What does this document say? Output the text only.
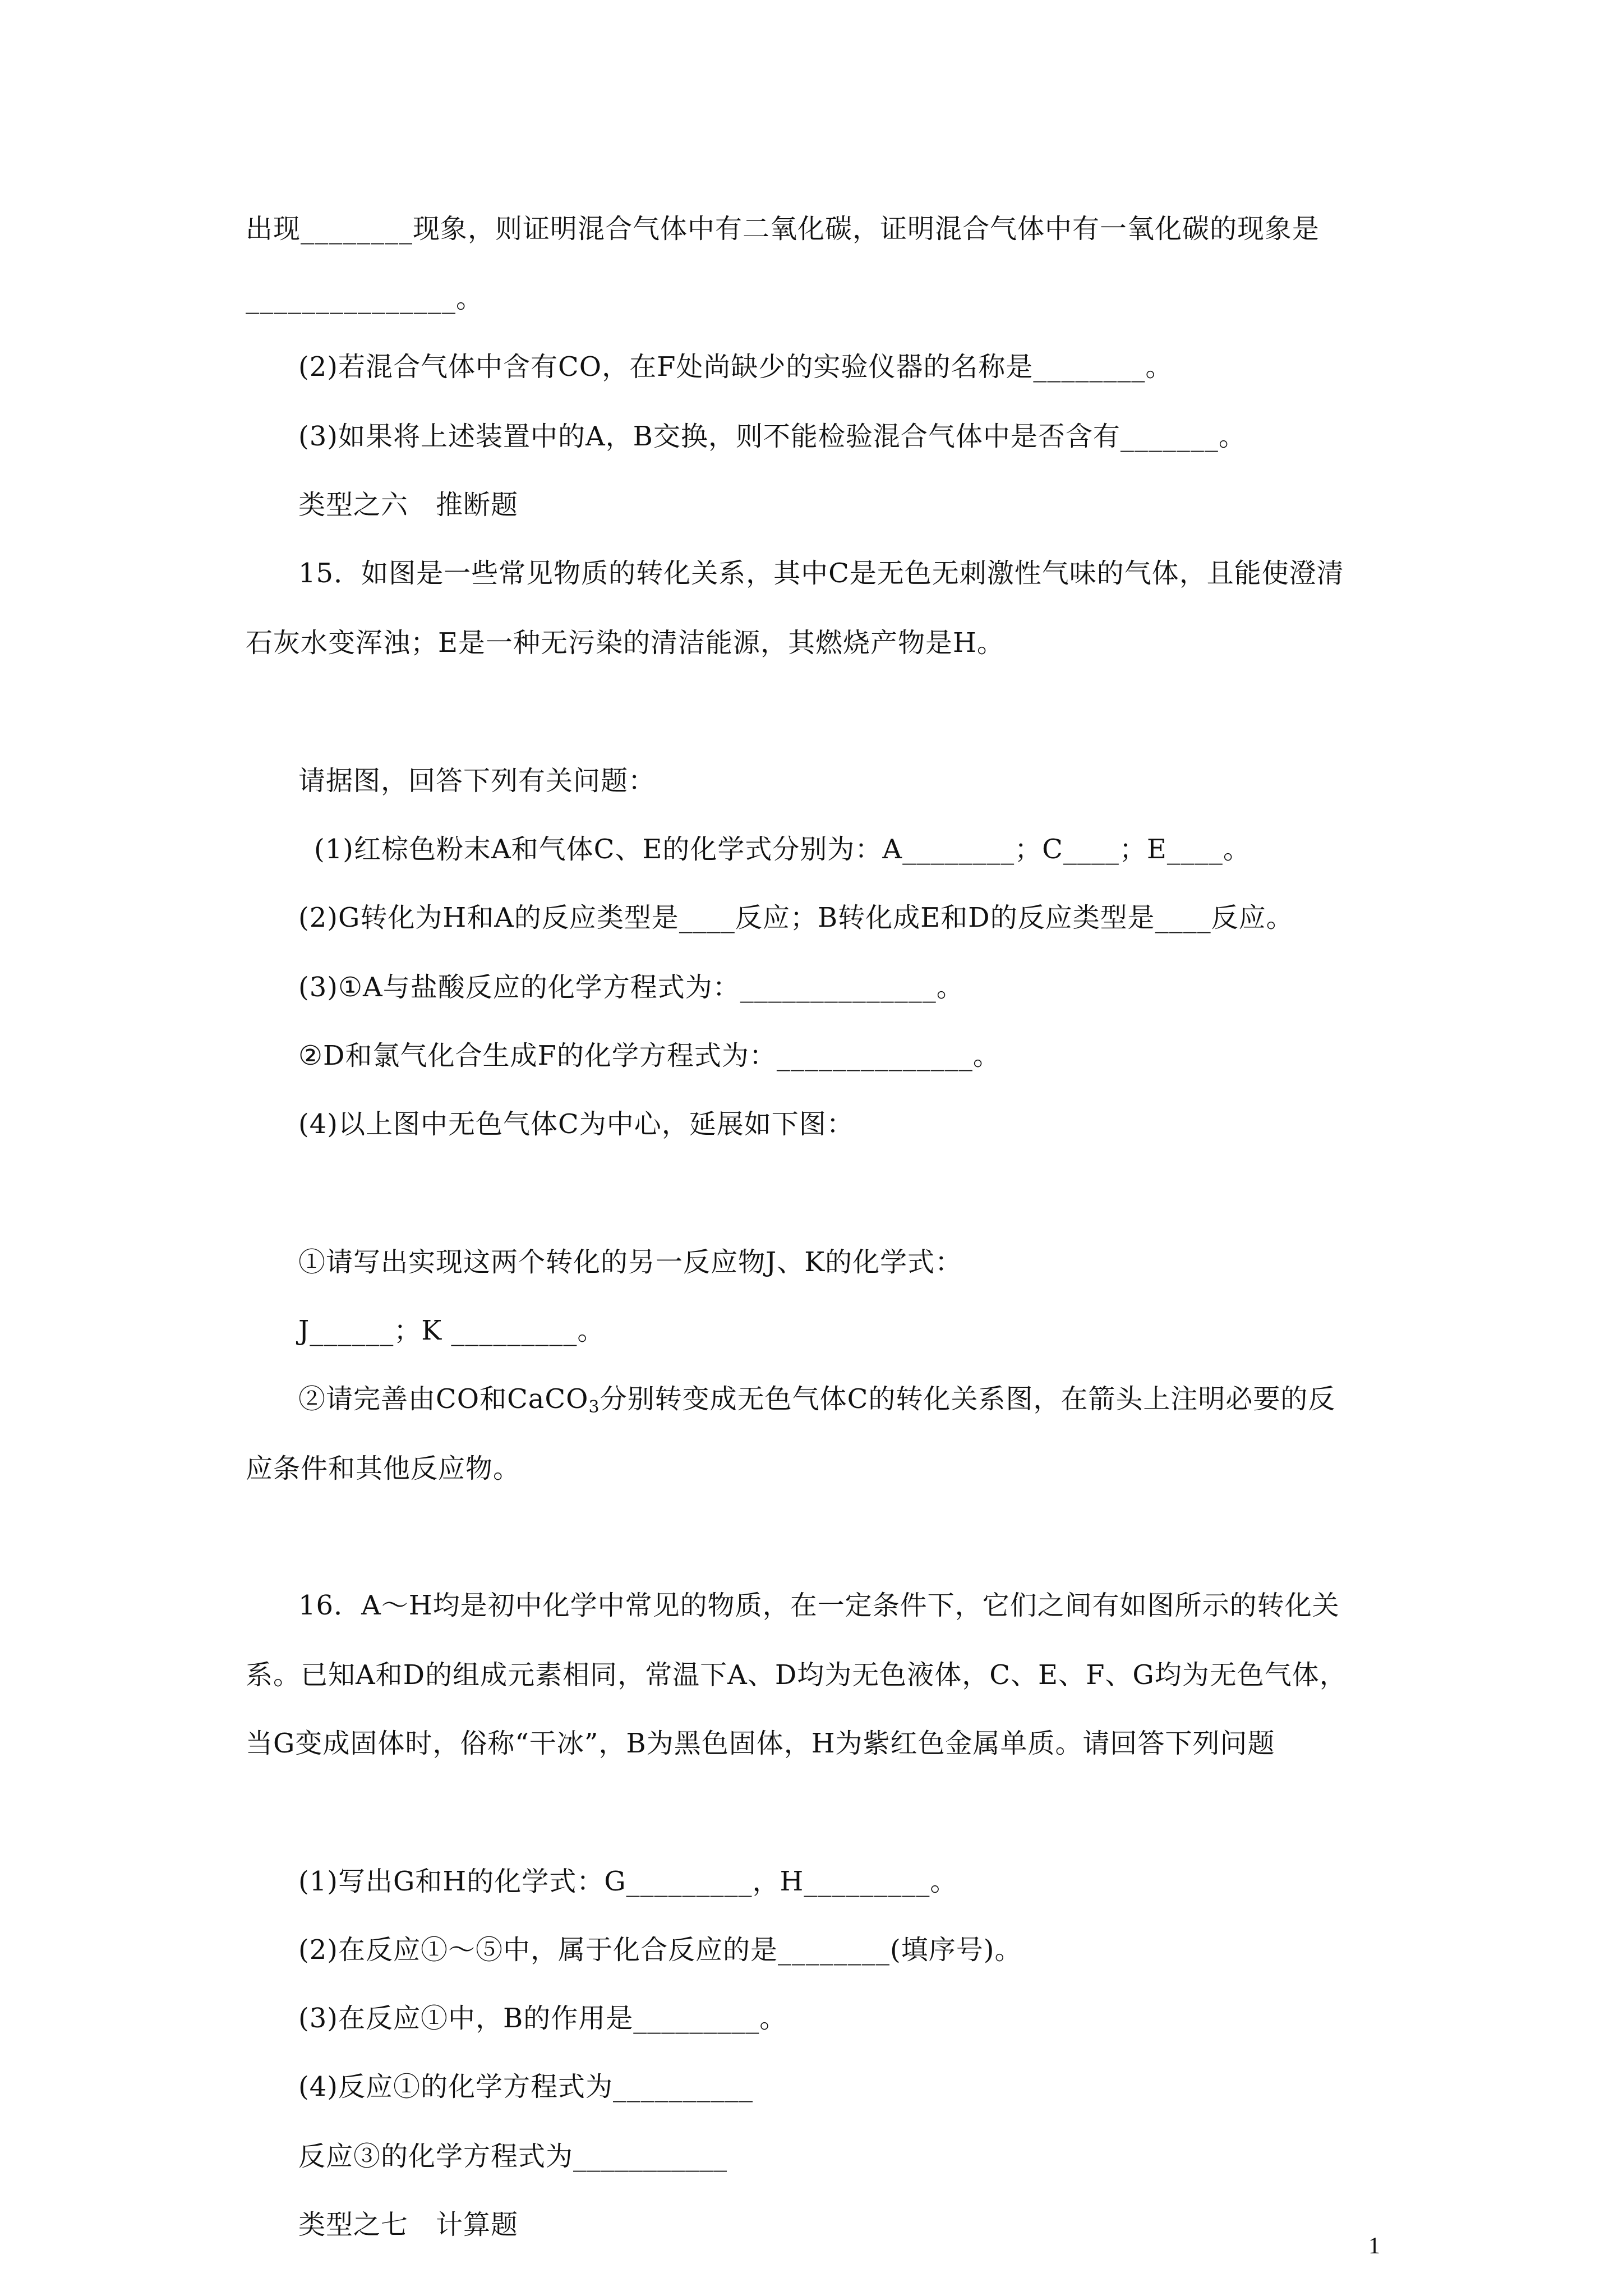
出现________现象，则证明混合气体中有二氧化碳，证明混合气体中有一氧化碳的现象是
_______________。
(2)若混合气体中含有CO，在F处尚缺少的实验仪器的名称是________。
(3)如果将上述装置中的A，B交换，则不能检验混合气体中是否含有_______。
类型之六　推断题
15．如图是一些常见物质的转化关系，其中C是无色无刺激性气味的气体，且能使澄清
石灰水变浑浊；E是一种无污染的清洁能源，其燃烧产物是H。
请据图，回答下列有关问题：
(1)红棕色粉末A和气体C、E的化学式分别为：A________；C____；E____。
(2)G转化为H和A的反应类型是____反应；B转化成E和D的反应类型是____反应。
(3)①A与盐酸反应的化学方程式为：______________。
②D和氯气化合生成F的化学方程式为：______________。
(4)以上图中无色气体C为中心，延展如下图：
①请写出实现这两个转化的另一反应物J、K的化学式：
J______；K _________。
②请完善由CO和CaCO$_3$分别转变成无色气体C的转化关系图，在箭头上注明必要的反
应条件和其他反应物。
16．A～H均是初中化学中常见的物质，在一定条件下，它们之间有如图所示的转化关
系。已知A和D的组成元素相同，常温下A、D均为无色液体，C、E、F、G均为无色气体，
当G变成固体时，俗称“干冰”，B为黑色固体，H为紫红色金属单质。请回答下列问题
(1)写出G和H的化学式：G_________，H_________。
(2)在反应①～⑤中，属于化合反应的是________(填序号)。
(3)在反应①中，B的作用是_________。
(4)反应①的化学方程式为__________
反应③的化学方程式为___________
类型之七　计算题
1
